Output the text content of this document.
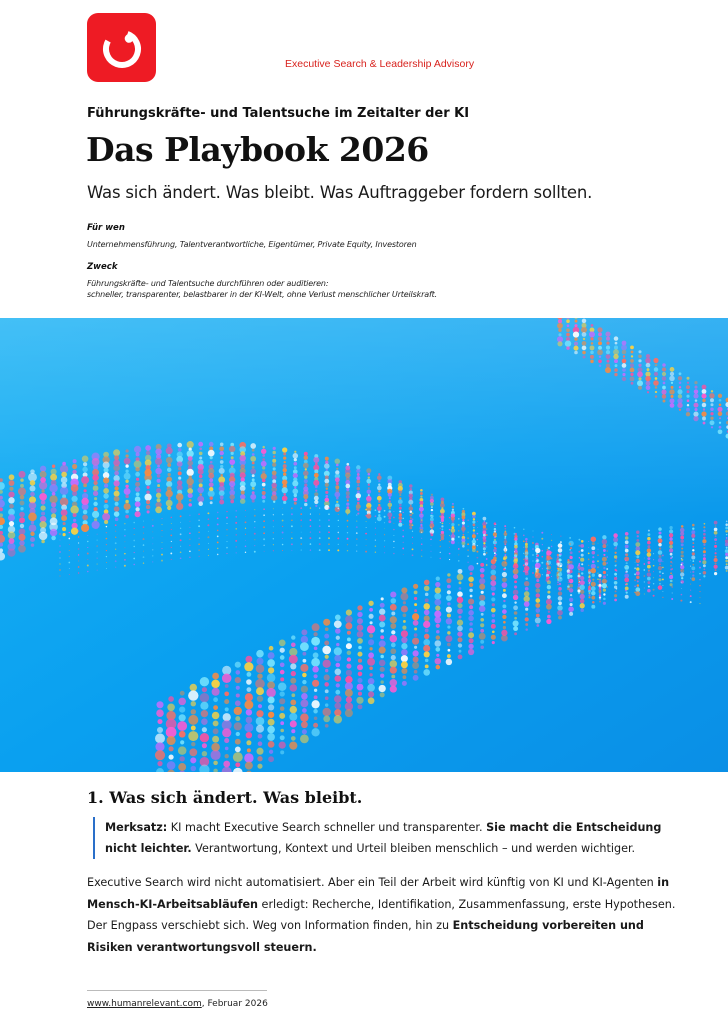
Executive Search & Leadership Advisory
Führungskräfte- und Talentsuche im Zeitalter der KI
Das Playbook 2026
Was sich ändert. Was bleibt. Was Auftraggeber fordern sollten.
Für wen
Unternehmensführung, Talentverantwortliche, Eigentümer, Private Equity, Investoren
Zweck
Führungskräfte- und Talentsuche durchführen oder auditieren:
schneller, transparenter, belastbarer in der KI-Welt, ohne Verlust menschlicher Urteilskraft.
1. Was sich ändert. Was bleibt.
Merksatz: KI macht Executive Search schneller und transparenter. Sie macht die Entscheidung nicht leichter. Verantwortung, Kontext und Urteil bleiben menschlich – und werden wichtiger.
Executive Search wird nicht automatisiert. Aber ein Teil der Arbeit wird künftig von KI und KI-Agenten in Mensch-KI-Arbeitsabläufen erledigt: Recherche, Identifikation, Zusammenfassung, erste Hypothesen. Der Engpass verschiebt sich. Weg von Information finden, hin zu Entscheidung vorbereiten und Risiken verantwortungsvoll steuern.
www.humanrelevant.com, Februar 2026
